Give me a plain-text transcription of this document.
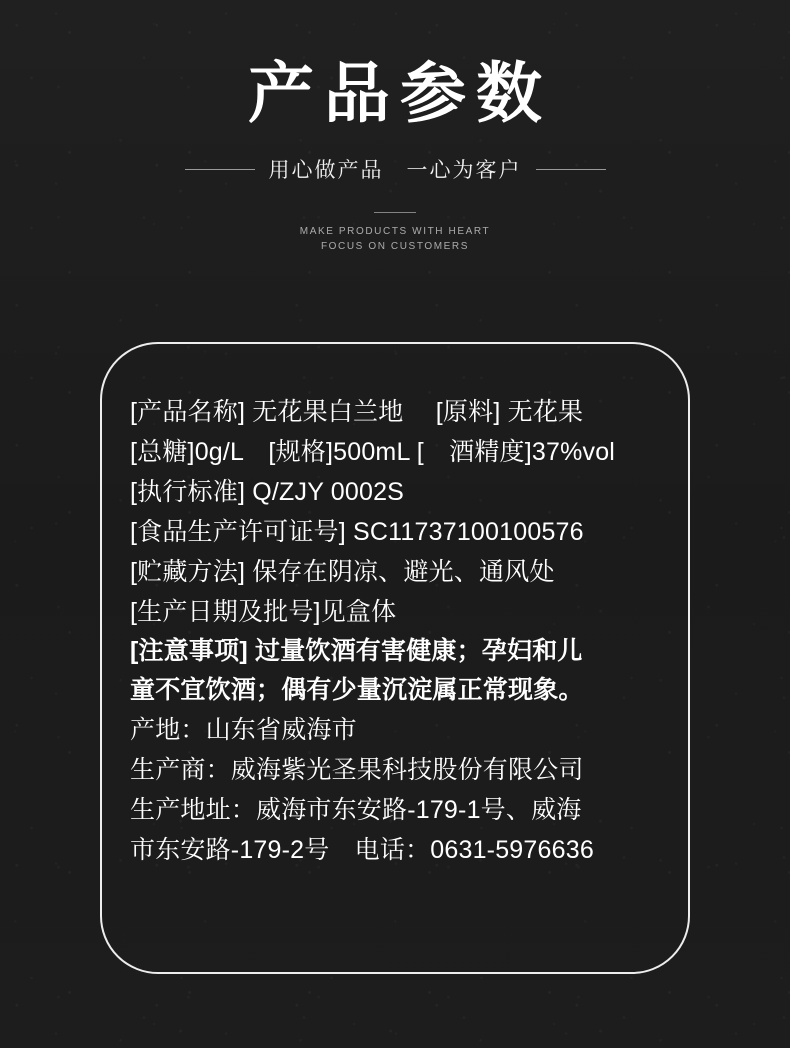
产品参数
用心做产品　一心为客户
MAKE PRODUCTS WITH HEART
FOCUS ON CUSTOMERS
[产品名称] 无花果白兰地　 [原料] 无花果
[总糖]0g/L　[规格]500mL [　酒精度]37%vol
[执行标准] Q/ZJY 0002S
[食品生产许可证号] SC11737100100576
[贮藏方法] 保存在阴凉、避光、通风处
[生产日期及批号]见盒体
[注意事项] 过量饮酒有害健康；孕妇和儿
童不宜饮酒；偶有少量沉淀属正常现象。
产地：山东省威海市
生产商：威海紫光圣果科技股份有限公司
生产地址：威海市东安路-179-1号、威海
市东安路-179-2号　电话：0631-5976636
